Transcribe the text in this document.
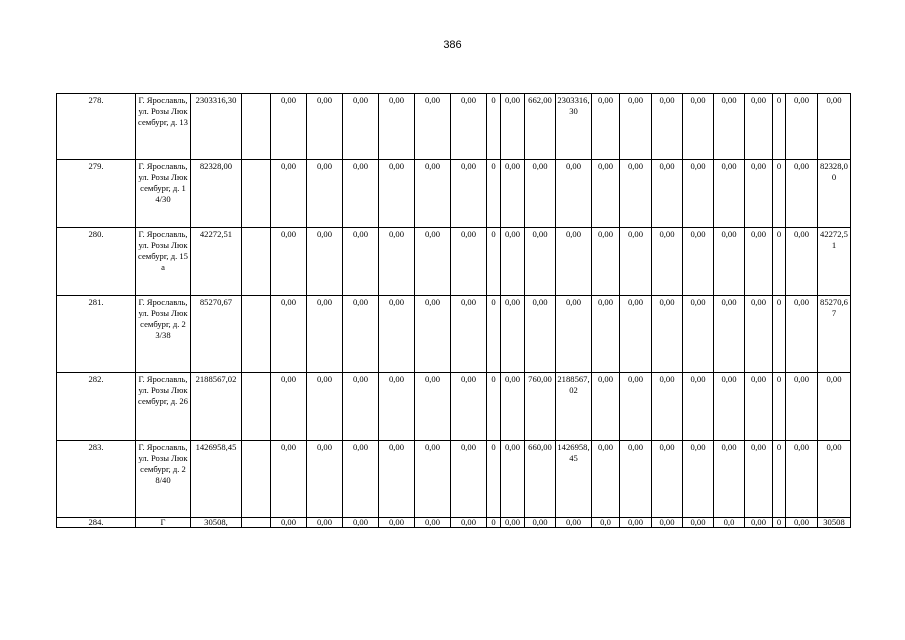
386
278.	Г. Ярославль, ул. Розы Люксембург, д. 13	2303316,30		0,00	0,00	0,00	0,00	0,00	0,00	0	0,00	662,00	2303316,30	0,00	0,00	0,00	0,00	0,00	0,00	0	0,00	0,00
279.	Г. Ярославль, ул. Розы Люксембург, д. 14/30	82328,00		0,00	0,00	0,00	0,00	0,00	0,00	0	0,00	0,00	0,00	0,00	0,00	0,00	0,00	0,00	0,00	0	0,00	82328,00
280.	Г. Ярославль, ул. Розы Люксембург, д. 15а	42272,51		0,00	0,00	0,00	0,00	0,00	0,00	0	0,00	0,00	0,00	0,00	0,00	0,00	0,00	0,00	0,00	0	0,00	42272,51
281.	Г. Ярославль, ул. Розы Люксембург, д. 23/38	85270,67		0,00	0,00	0,00	0,00	0,00	0,00	0	0,00	0,00	0,00	0,00	0,00	0,00	0,00	0,00	0,00	0	0,00	85270,67
282.	Г. Ярославль, ул. Розы Люксембург, д. 26	2188567,02		0,00	0,00	0,00	0,00	0,00	0,00	0	0,00	760,00	2188567,02	0,00	0,00	0,00	0,00	0,00	0,00	0	0,00	0,00
283.	Г. Ярославль, ул. Розы Люксембург, д. 28/40	1426958,45		0,00	0,00	0,00	0,00	0,00	0,00	0	0,00	660,00	1426958,45	0,00	0,00	0,00	0,00	0,00	0,00	0	0,00	0,00
284.	Г	30508,		0,00	0,00	0,00	0,00	0,00	0,00	0	0,00	0,00	0,00	0,0	0,00	0,00	0,00	0,0	0,00	0	0,00	30508
